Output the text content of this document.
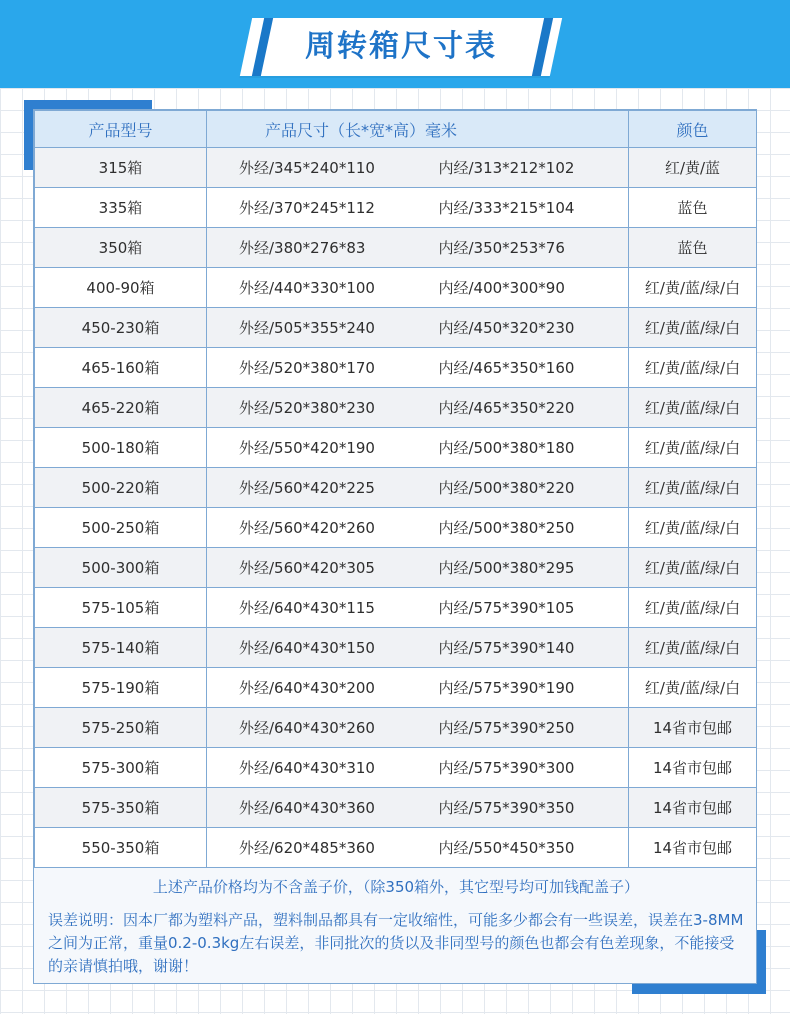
周转箱尺寸表
产品型号	产品尺寸（长*宽*高）毫米	颜色
315箱	外经/345*240*110 内经/313*212*102	红/黄/蓝
335箱	外经/370*245*112 内经/333*215*104	蓝色
350箱	外经/380*276*83 内经/350*253*76	蓝色
400-90箱	外经/440*330*100 内经/400*300*90	红/黄/蓝/绿/白
450-230箱	外经/505*355*240 内经/450*320*230	红/黄/蓝/绿/白
465-160箱	外经/520*380*170 内经/465*350*160	红/黄/蓝/绿/白
465-220箱	外经/520*380*230 内经/465*350*220	红/黄/蓝/绿/白
500-180箱	外经/550*420*190 内经/500*380*180	红/黄/蓝/绿/白
500-220箱	外经/560*420*225 内经/500*380*220	红/黄/蓝/绿/白
500-250箱	外经/560*420*260 内经/500*380*250	红/黄/蓝/绿/白
500-300箱	外经/560*420*305 内经/500*380*295	红/黄/蓝/绿/白
575-105箱	外经/640*430*115 内经/575*390*105	红/黄/蓝/绿/白
575-140箱	外经/640*430*150 内经/575*390*140	红/黄/蓝/绿/白
575-190箱	外经/640*430*200 内经/575*390*190	红/黄/蓝/绿/白
575-250箱	外经/640*430*260 内经/575*390*250	14省市包邮
575-300箱	外经/640*430*310 内经/575*390*300	14省市包邮
575-350箱	外经/640*430*360 内经/575*390*350	14省市包邮
550-350箱	外经/620*485*360 内经/550*450*350	14省市包邮
上述产品价格均为不含盖子价，（除350箱外，其它型号均可加钱配盖子）
误差说明：因本厂都为塑料产品，塑料制品都具有一定收缩性，可能多少都会有一些误差，误差在3-8MM之间为正常，重量0.2-0.3kg左右误差，非同批次的货以及非同型号的颜色也都会有色差现象，不能接受的亲请慎拍哦，谢谢！
